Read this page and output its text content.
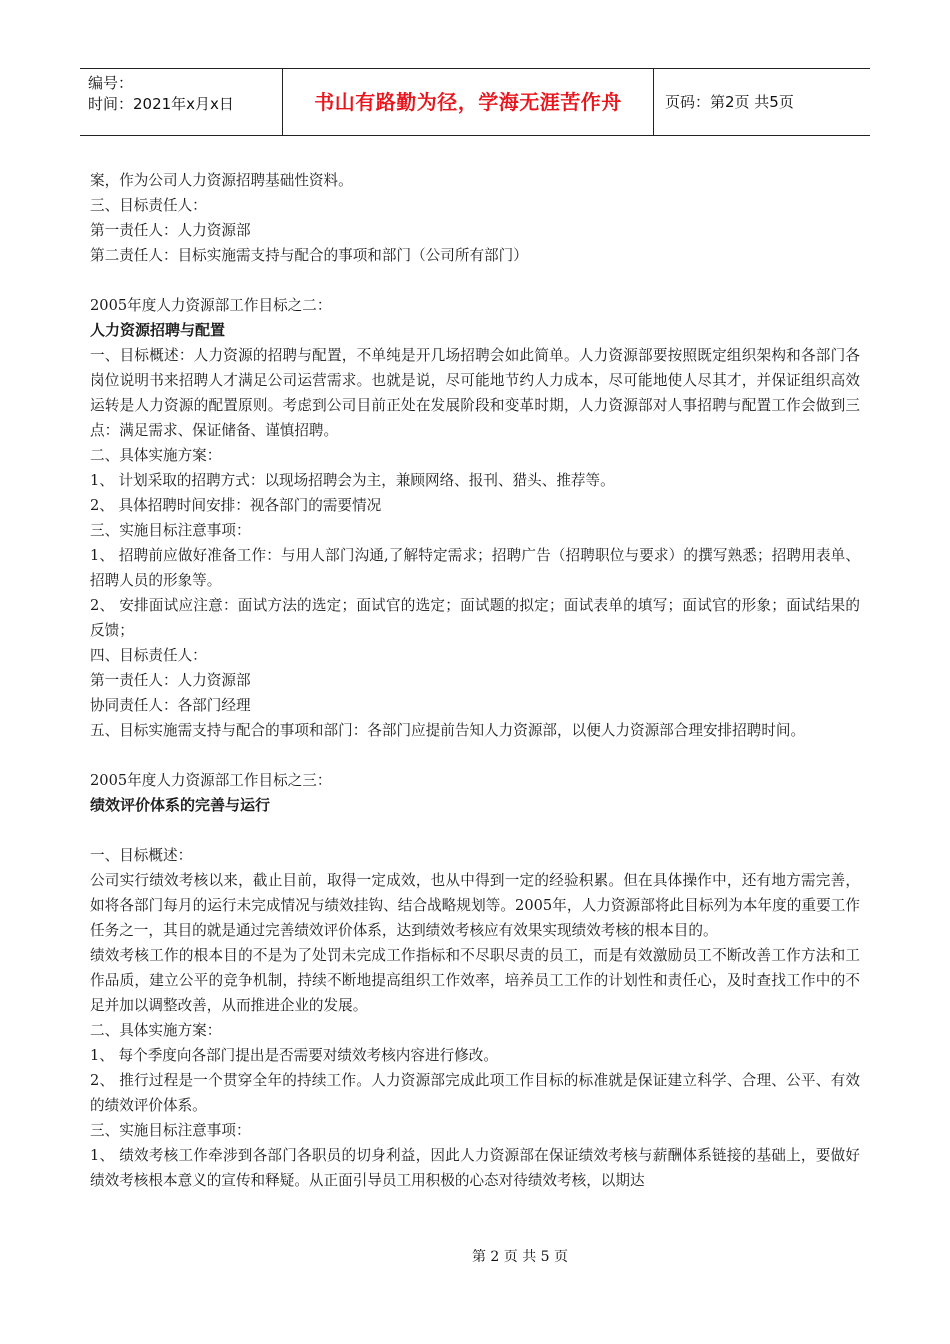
编号：
时间：2021年x月x日	书山有路勤为径，学海无涯苦作舟	页码：第2页 共5页

案，作为公司人力资源招聘基础性资料。

三、目标责任人：

第一责任人：人力资源部

第二责任人：目标实施需支持与配合的事项和部门（公司所有部门）

2005年度人力资源部工作目标之二：

人力资源招聘与配置

一、目标概述：人力资源的招聘与配置，不单纯是开几场招聘会如此简单。人力资源部要按照既定组织架构和各部门各岗位说明书来招聘人才满足公司运营需求。也就是说，尽可能地节约人力成本，尽可能地使人尽其才，并保证组织高效运转是人力资源的配置原则。考虑到公司目前正处在发展阶段和变革时期，人力资源部对人事招聘与配置工作会做到三点：满足需求、保证储备、谨慎招聘。

二、具体实施方案：

1、 计划采取的招聘方式：以现场招聘会为主，兼顾网络、报刊、猎头、推荐等。

2、 具体招聘时间安排：视各部门的需要情况

三、实施目标注意事项：

1、 招聘前应做好准备工作：与用人部门沟通,了解特定需求；招聘广告（招聘职位与要求）的撰写熟悉；招聘用表单、招聘人员的形象等。

2、 安排面试应注意：面试方法的选定；面试官的选定；面试题的拟定；面试表单的填写；面试官的形象；面试结果的反馈；

四、目标责任人：

第一责任人：人力资源部

协同责任人：各部门经理

五、目标实施需支持与配合的事项和部门：各部门应提前告知人力资源部，以便人力资源部合理安排招聘时间。

2005年度人力资源部工作目标之三：

绩效评价体系的完善与运行

一、目标概述：

公司实行绩效考核以来，截止目前，取得一定成效，也从中得到一定的经验积累。但在具体操作中，还有地方需完善，如将各部门每月的运行未完成情况与绩效挂钩、结合战略规划等。2005年，人力资源部将此目标列为本年度的重要工作任务之一，其目的就是通过完善绩效评价体系，达到绩效考核应有效果实现绩效考核的根本目的。

绩效考核工作的根本目的不是为了处罚未完成工作指标和不尽职尽责的员工，而是有效激励员工不断改善工作方法和工作品质，建立公平的竞争机制，持续不断地提高组织工作效率，培养员工工作的计划性和责任心，及时查找工作中的不足并加以调整改善，从而推进企业的发展。

二、具体实施方案：

1、 每个季度向各部门提出是否需要对绩效考核内容进行修改。

2、 推行过程是一个贯穿全年的持续工作。人力资源部完成此项工作目标的标准就是保证建立科学、合理、公平、有效的绩效评价体系。

三、实施目标注意事项：

1、 绩效考核工作牵涉到各部门各职员的切身利益，因此人力资源部在保证绩效考核与薪酬体系链接的基础上，要做好绩效考核根本意义的宣传和释疑。从正面引导员工用积极的心态对待绩效考核，以期达

第 2 页 共 5 页
